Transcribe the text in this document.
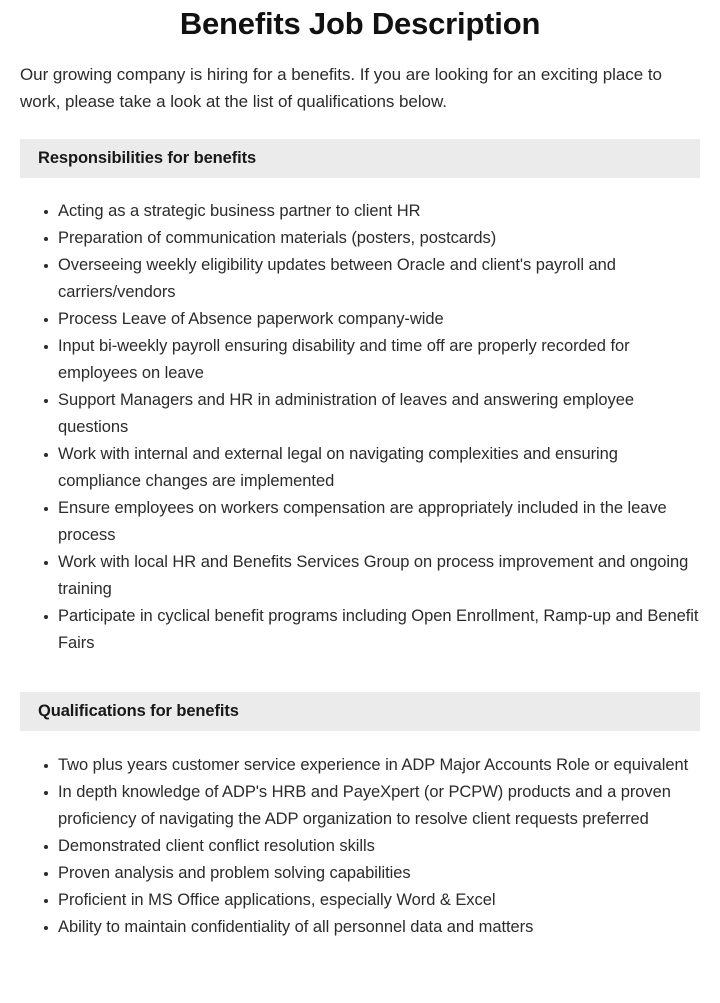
Benefits Job Description

Our growing company is hiring for a benefits. If you are looking for an exciting place to work, please take a look at the list of qualifications below.

Responsibilities for benefits
Acting as a strategic business partner to client HR
Preparation of communication materials (posters, postcards)
Overseeing weekly eligibility updates between Oracle and client's payroll and carriers/vendors
Process Leave of Absence paperwork company-wide
Input bi-weekly payroll ensuring disability and time off are properly recorded for employees on leave
Support Managers and HR in administration of leaves and answering employee questions
Work with internal and external legal on navigating complexities and ensuring compliance changes are implemented
Ensure employees on workers compensation are appropriately included in the leave process
Work with local HR and Benefits Services Group on process improvement and ongoing training
Participate in cyclical benefit programs including Open Enrollment, Ramp-up and Benefit Fairs
Qualifications for benefits
Two plus years customer service experience in ADP Major Accounts Role or equivalent
In depth knowledge of ADP's HRB and PayeXpert (or PCPW) products and a proven proficiency of navigating the ADP organization to resolve client requests preferred
Demonstrated client conflict resolution skills
Proven analysis and problem solving capabilities
Proficient in MS Office applications, especially Word & Excel
Ability to maintain confidentiality of all personnel data and matters
